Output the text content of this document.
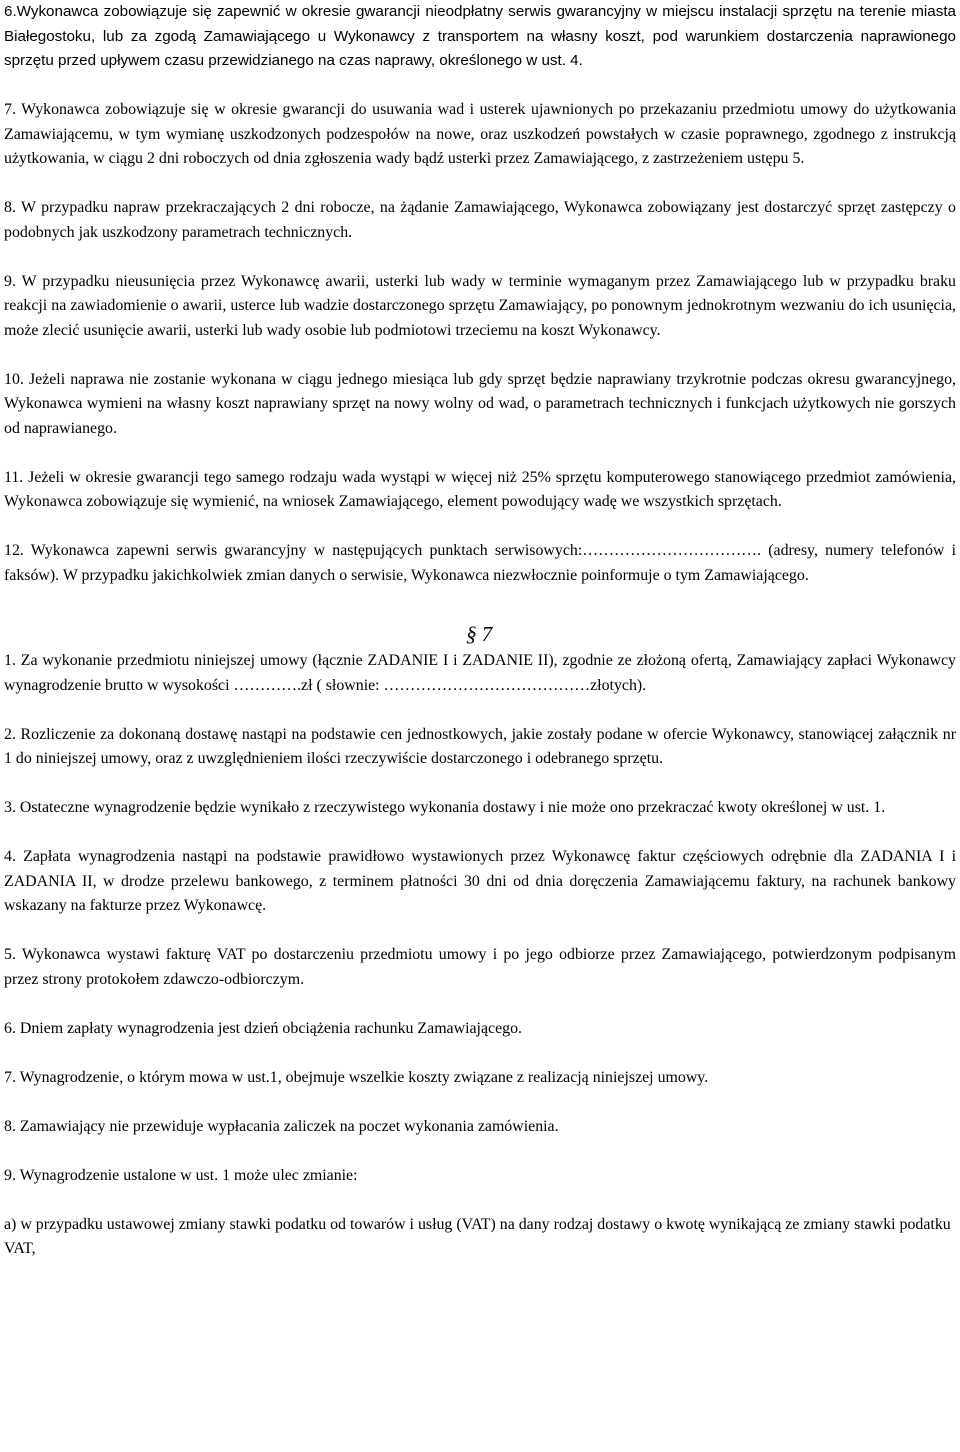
6.Wykonawca zobowiązuje się zapewnić w okresie gwarancji nieodpłatny serwis gwarancyjny w miejscu instalacji sprzętu na terenie miasta Białegostoku, lub za zgodą Zamawiającego u Wykonawcy z transportem na własny koszt, pod warunkiem dostarczenia naprawionego sprzętu przed upływem czasu przewidzianego na czas naprawy, określonego w ust. 4.

7. Wykonawca zobowiązuje się w okresie gwarancji do usuwania wad i usterek ujawnionych po przekazaniu przedmiotu umowy do użytkowania Zamawiającemu, w tym wymianę uszkodzonych podzespołów na nowe, oraz uszkodzeń powstałych w czasie poprawnego, zgodnego z instrukcją użytkowania, w ciągu 2 dni roboczych od dnia zgłoszenia wady bądź usterki przez Zamawiającego, z zastrzeżeniem ustępu 5.

8. W przypadku napraw przekraczających 2 dni robocze, na żądanie Zamawiającego, Wykonawca zobowiązany jest dostarczyć sprzęt zastępczy o podobnych jak uszkodzony parametrach technicznych.

9. W przypadku nieusunięcia przez Wykonawcę awarii, usterki lub wady w terminie wymaganym przez Zamawiającego lub w przypadku braku reakcji na zawiadomienie o awarii, usterce lub wadzie dostarczonego sprzętu Zamawiający, po ponownym jednokrotnym wezwaniu do ich usunięcia, może zlecić usunięcie awarii, usterki lub wady osobie lub podmiotowi trzeciemu na koszt Wykonawcy.

10. Jeżeli naprawa nie zostanie wykonana w ciągu jednego miesiąca lub gdy sprzęt będzie naprawiany trzykrotnie podczas okresu gwarancyjnego, Wykonawca wymieni na własny koszt naprawiany sprzęt na nowy wolny od wad, o parametrach technicznych i funkcjach użytkowych nie gorszych od naprawianego.

11. Jeżeli w okresie gwarancji tego samego rodzaju wada wystąpi w więcej niż 25% sprzętu komputerowego stanowiącego przedmiot zamówienia, Wykonawca zobowiązuje się wymienić, na wniosek Zamawiającego, element powodujący wadę we wszystkich sprzętach.

12. Wykonawca zapewni serwis gwarancyjny w następujących punktach serwisowych:……………………………. (adresy, numery telefonów i faksów). W przypadku jakichkolwiek zmian danych o serwisie, Wykonawca niezwłocznie poinformuje o tym Zamawiającego.

§ 7

1. Za wykonanie przedmiotu niniejszej umowy (łącznie ZADANIE I i ZADANIE II), zgodnie ze złożoną ofertą, Zamawiający zapłaci Wykonawcy wynagrodzenie brutto w wysokości ………….zł ( słownie: …………………………………złotych).

2. Rozliczenie za dokonaną dostawę nastąpi na podstawie cen jednostkowych, jakie zostały podane w ofercie Wykonawcy, stanowiącej załącznik nr 1 do niniejszej umowy, oraz z uwzględnieniem ilości rzeczywiście dostarczonego i odebranego sprzętu.

3. Ostateczne wynagrodzenie będzie wynikało z rzeczywistego wykonania dostawy i nie może ono przekraczać kwoty określonej w ust. 1.

4. Zapłata wynagrodzenia nastąpi na podstawie prawidłowo wystawionych przez Wykonawcę faktur częściowych odrębnie dla ZADANIA I i ZADANIA II, w drodze przelewu bankowego, z terminem płatności 30 dni od dnia doręczenia Zamawiającemu faktury, na rachunek bankowy wskazany na fakturze przez Wykonawcę.

5. Wykonawca wystawi fakturę VAT po dostarczeniu przedmiotu umowy i po jego odbiorze przez Zamawiającego, potwierdzonym podpisanym przez strony protokołem zdawczo-odbiorczym.

6. Dniem zapłaty wynagrodzenia jest dzień obciążenia rachunku Zamawiającego.

7. Wynagrodzenie, o którym mowa w ust.1, obejmuje wszelkie koszty związane z realizacją niniejszej umowy.

8. Zamawiający nie przewiduje wypłacania zaliczek na poczet wykonania zamówienia.

9. Wynagrodzenie ustalone w ust. 1 może ulec zmianie:

a) w przypadku ustawowej zmiany stawki podatku od towarów i usług (VAT) na dany rodzaj dostawy o kwotę wynikającą ze zmiany stawki podatku VAT,
